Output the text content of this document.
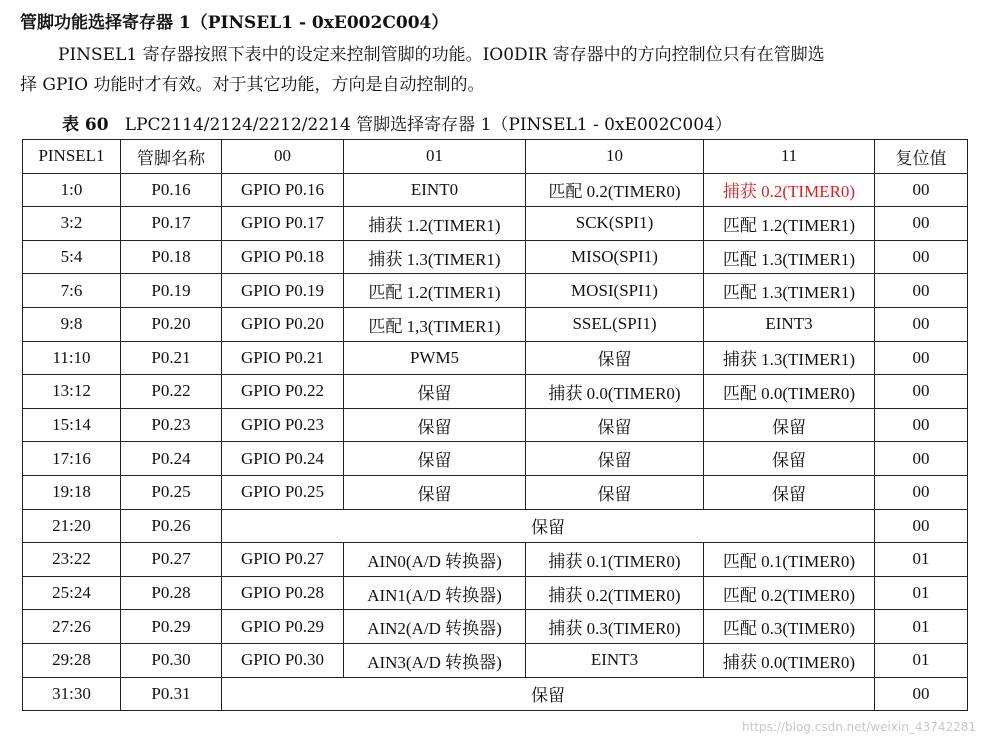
管脚功能选择寄存器 1（PINSEL1 - 0xE002C004）
PINSEL1 寄存器按照下表中的设定来控制管脚的功能。IO0DIR 寄存器中的方向控制位只有在管脚选
择 GPIO 功能时才有效。对于其它功能，方向是自动控制的。
表 60 LPC2114/2124/2212/2214 管脚选择寄存器 1（PINSEL1 - 0xE002C004）
PINSEL1	管脚名称	00	01	10	11	复位值
1:0	P0.16	GPIO P0.16	EINT0	匹配 0.2(TIMER0)	捕获 0.2(TIMER0)	00
3:2	P0.17	GPIO P0.17	捕获 1.2(TIMER1)	SCK(SPI1)	匹配 1.2(TIMER1)	00
5:4	P0.18	GPIO P0.18	捕获 1.3(TIMER1)	MISO(SPI1)	匹配 1.3(TIMER1)	00
7:6	P0.19	GPIO P0.19	匹配 1.2(TIMER1)	MOSI(SPI1)	匹配 1.3(TIMER1)	00
9:8	P0.20	GPIO P0.20	匹配 1,3(TIMER1)	SSEL(SPI1)	EINT3	00
11:10	P0.21	GPIO P0.21	PWM5	保留	捕获 1.3(TIMER1)	00
13:12	P0.22	GPIO P0.22	保留	捕获 0.0(TIMER0)	匹配 0.0(TIMER0)	00
15:14	P0.23	GPIO P0.23	保留	保留	保留	00
17:16	P0.24	GPIO P0.24	保留	保留	保留	00
19:18	P0.25	GPIO P0.25	保留	保留	保留	00
21:20	P0.26	保留				00
23:22	P0.27	GPIO P0.27	AIN0(A/D 转换器)	捕获 0.1(TIMER0)	匹配 0.1(TIMER0)	01
25:24	P0.28	GPIO P0.28	AIN1(A/D 转换器)	捕获 0.2(TIMER0)	匹配 0.2(TIMER0)	01
27:26	P0.29	GPIO P0.29	AIN2(A/D 转换器)	捕获 0.3(TIMER0)	匹配 0.3(TIMER0)	01
29:28	P0.30	GPIO P0.30	AIN3(A/D 转换器)	EINT3	捕获 0.0(TIMER0)	01
31:30	P0.31	保留				00
https://blog.csdn.net/weixin_43742281
